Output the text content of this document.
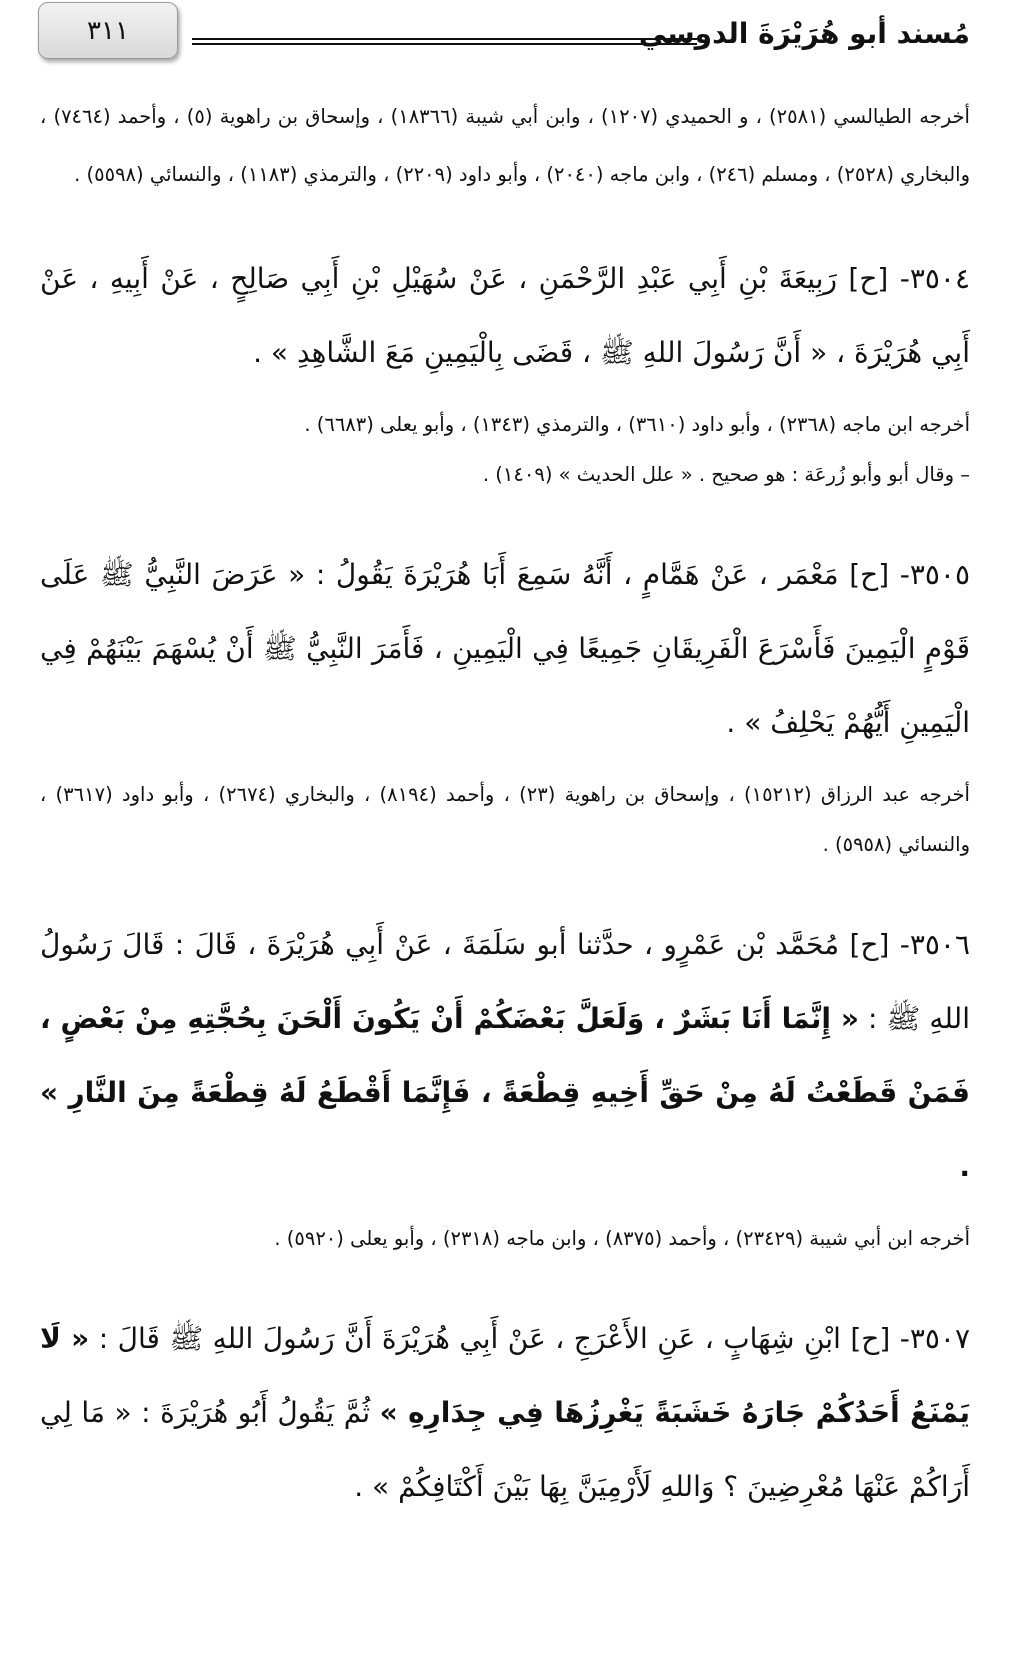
مُسند أبو هُرَيْرَةَ الدوسي
٣١١

أخرجه الطيالسي (٢٥٨١) ، و الحميدي (١٢٠٧) ، وابن أبي شيبة (١٨٣٦٦) ، وإسحاق بن راهوية (٥) ، وأحمد (٧٤٦٤) ، والبخاري (٢٥٢٨) ، ومسلم (٢٤٦) ، وابن ماجه (٢٠٤٠) ، وأبو داود (٢٢٠٩) ، والترمذي (١١٨٣) ، والنسائي (٥٥٩٨) .

٣٥٠٤- [ح] رَبِيعَةَ بْنِ أَبِي عَبْدِ الرَّحْمَنِ ، عَنْ سُهَيْلِ بْنِ أَبِي صَالِحٍ ، عَنْ أَبِيهِ ، عَنْ أَبِي هُرَيْرَةَ ، « أَنَّ رَسُولَ اللهِ ﷺ ، قَضَى بِالْيَمِينِ مَعَ الشَّاهِدِ » .

أخرجه ابن ماجه (٢٣٦٨) ، وأبو داود (٣٦١٠) ، والترمذي (١٣٤٣) ، وأبو يعلى (٦٦٨٣) .

– وقال أبو وأبو زُرعَة : هو صحيح . « علل الحديث » (١٤٠٩) .

٣٥٠٥- [ح] مَعْمَر ، عَنْ هَمَّامٍ ، أَنَّهُ سَمِعَ أَبَا هُرَيْرَةَ يَقُولُ : « عَرَضَ النَّبِيُّ ﷺ عَلَى قَوْمٍ الْيَمِينَ فَأَسْرَعَ الْفَرِيقَانِ جَمِيعًا فِي الْيَمِينِ ، فَأَمَرَ النَّبِيُّ ﷺ أَنْ يُسْهَمَ بَيْنَهُمْ فِي الْيَمِينِ أَيُّهُمْ يَحْلِفُ » .

أخرجه عبد الرزاق (١٥٢١٢) ، وإسحاق بن راهوية (٢٣) ، وأحمد (٨١٩٤) ، والبخاري (٢٦٧٤) ، وأبو داود (٣٦١٧) ، والنسائي (٥٩٥٨) .

٣٥٠٦- [ح] مُحَمَّد بْن عَمْرٍو ، حدَّثنا أبو سَلَمَةَ ، عَنْ أَبِي هُرَيْرَةَ ، قَالَ : قَالَ رَسُولُ اللهِ ﷺ : « إِنَّمَا أَنَا بَشَرٌ ، وَلَعَلَّ بَعْضَكُمْ أَنْ يَكُونَ أَلْحَنَ بِحُجَّتِهِ مِنْ بَعْضٍ ، فَمَنْ قَطَعْتُ لَهُ مِنْ حَقِّ أَخِيهِ قِطْعَةً ، فَإِنَّمَا أَقْطَعُ لَهُ قِطْعَةً مِنَ النَّارِ » .

أخرجه ابن أبي شيبة (٢٣٤٢٩) ، وأحمد (٨٣٧٥) ، وابن ماجه (٢٣١٨) ، وأبو يعلى (٥٩٢٠) .

٣٥٠٧- [ح] ابْنِ شِهَابٍ ، عَنِ الأَعْرَجِ ، عَنْ أَبِي هُرَيْرَةَ أَنَّ رَسُولَ اللهِ ﷺ قَالَ : « لَا يَمْنَعُ أَحَدُكُمْ جَارَهُ خَشَبَةً يَغْرِزُهَا فِي جِدَارِهِ » ثُمَّ يَقُولُ أَبُو هُرَيْرَةَ : « مَا لِي أَرَاكُمْ عَنْهَا مُعْرِضِينَ ؟ وَاللهِ لَأَرْمِيَنَّ بِهَا بَيْنَ أَكْتَافِكُمْ » .
